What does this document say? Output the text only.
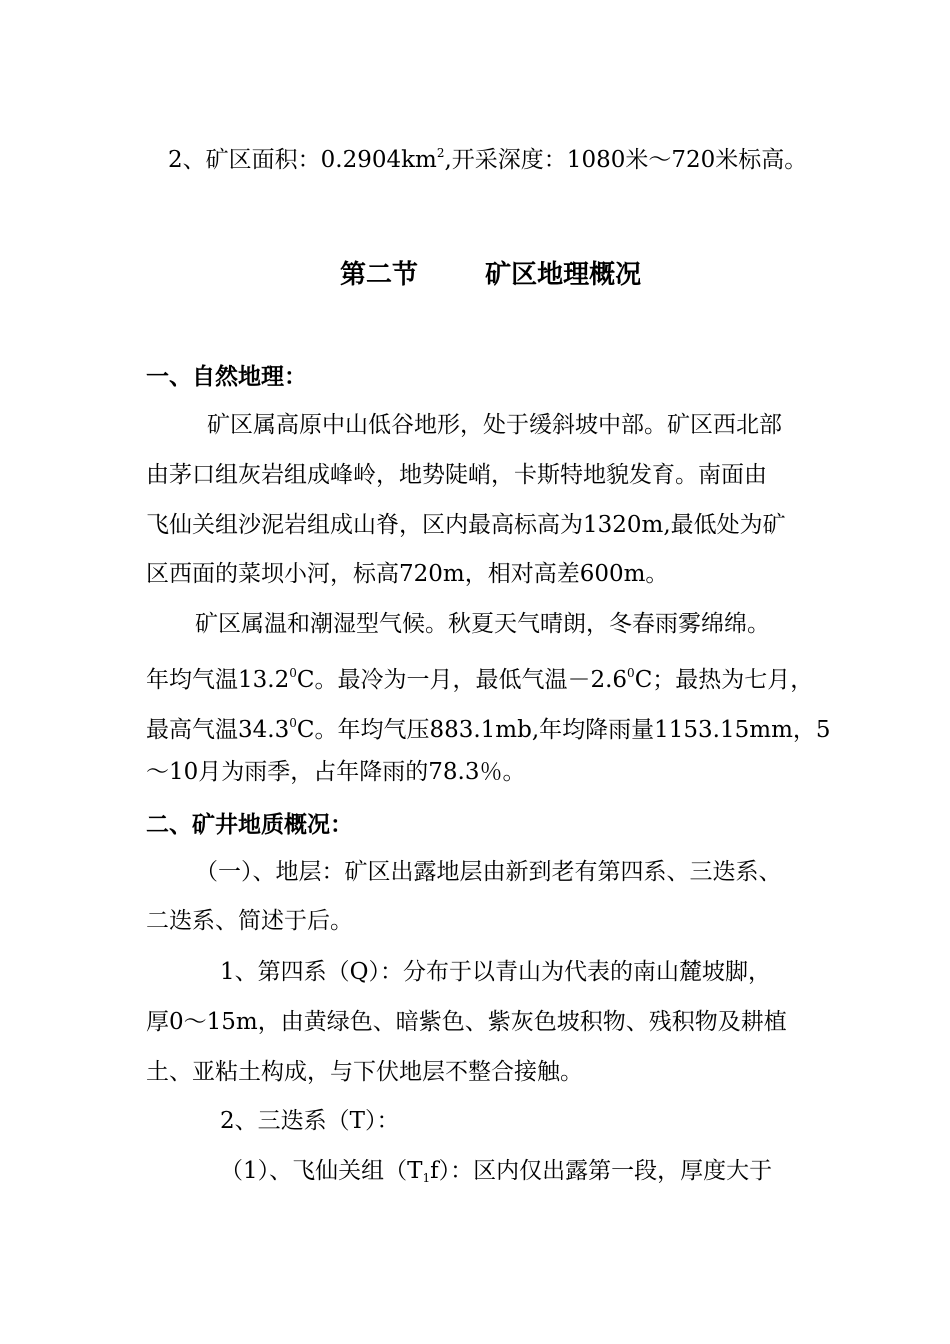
2、矿区面积：$0.2904km^2$,开采深度：1080米～720米标高。
第二节	矿区地理概况
一、自然地理：
矿区属高原中山低谷地形，处于缓斜坡中部。矿区西北部
由茅口组灰岩组成峰岭，地势陡峭，卡斯特地貌发育。南面由
飞仙关组沙泥岩组成山脊，区内最高标高为1320m,最低处为矿
区西面的菜坝小河，标高720m，相对高差600m。
矿区属温和潮湿型气候。秋夏天气晴朗，冬春雨雾绵绵。
年均气温13.2$^0$C。最冷为一月，最低气温$-2.6^0C$；最热为七月，
最高气温34.3$^0$C。年均气压883.1mb,年均降雨量1153.15mm，5
～10月为雨季，占年降雨的78.3％。
二、矿井地质概况：
（一）、地层：矿区出露地层由新到老有第四系、三迭系、
二迭系、简述于后。
1、第四系（Q）：分布于以青山为代表的南山麓坡脚，
厚0～15m，由黄绿色、暗紫色、紫灰色坡积物、残积物及耕植
土、亚粘土构成，与下伏地层不整合接触。
2、三迭系（T）：
（1）、飞仙关组$(T_1f)$：区内仅出露第一段，厚度大于
